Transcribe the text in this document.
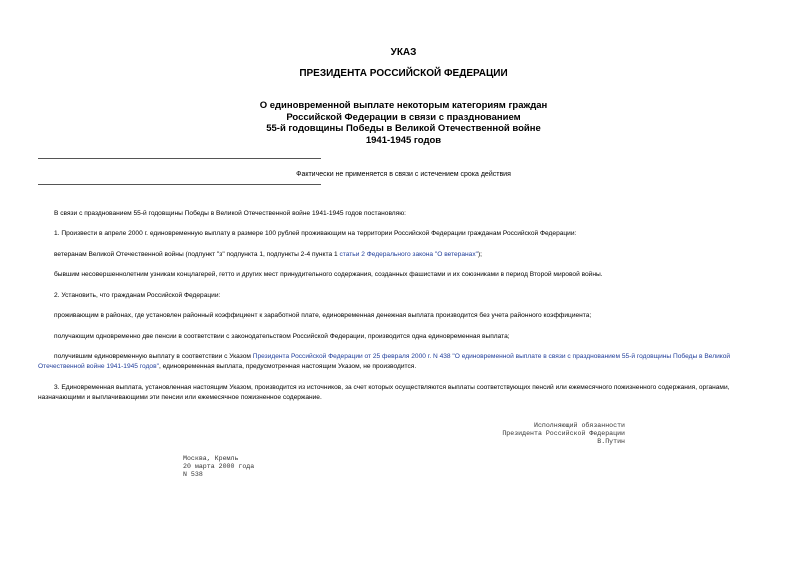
УКАЗ
ПРЕЗИДЕНТА РОССИЙСКОЙ ФЕДЕРАЦИИ
О единовременной выплате некоторым категориям граждан
Российской Федерации в связи с празднованием
55-й годовщины Победы в Великой Отечественной войне
1941-1945 годов
Фактически не применяется в связи с истечением срока действия
В связи с празднованием 55-й годовщины Победы в Великой Отечественной войне 1941-1945 годов постановляю:
1. Произвести в апреле 2000 г. единовременную выплату в размере 100 рублей проживающим на территории Российской Федерации гражданам Российской Федерации:
ветеранам Великой Отечественной войны (подпункт "з" подпункта 1, подпункты 2-4 пункта 1 статьи 2 Федерального закона "О ветеранах");
бывшим несовершеннолетним узникам концлагерей, гетто и других мест принудительного содержания, созданных фашистами и их союзниками в период Второй мировой войны.
2. Установить, что гражданам Российской Федерации:
проживающим в районах, где установлен районный коэффициент к заработной плате, единовременная денежная выплата производится без учета районного коэффициента;
получающим одновременно две пенсии в соответствии с законодательством Российской Федерации, производится одна единовременная выплата;
получившим единовременную выплату в соответствии с Указом Президента Российской Федерации от 25 февраля 2000 г. N 438 "О единовременной выплате в связи с празднованием 55-й годовщины Победы в Великой Отечественной войне 1941-1945 годов", единовременная выплата, предусмотренная настоящим Указом, не производится.
3. Единовременная выплата, установленная настоящим Указом, производится из источников, за счет которых осуществляются выплаты соответствующих пенсий или ежемесячного пожизненного содержания, органами, назначающими и выплачивающими эти пенсии или ежемесячное пожизненное содержание.
Исполняющий обязанности
Президента Российской Федерации
В.Путин
Москва, Кремль
20 марта 2000 года
N 538
